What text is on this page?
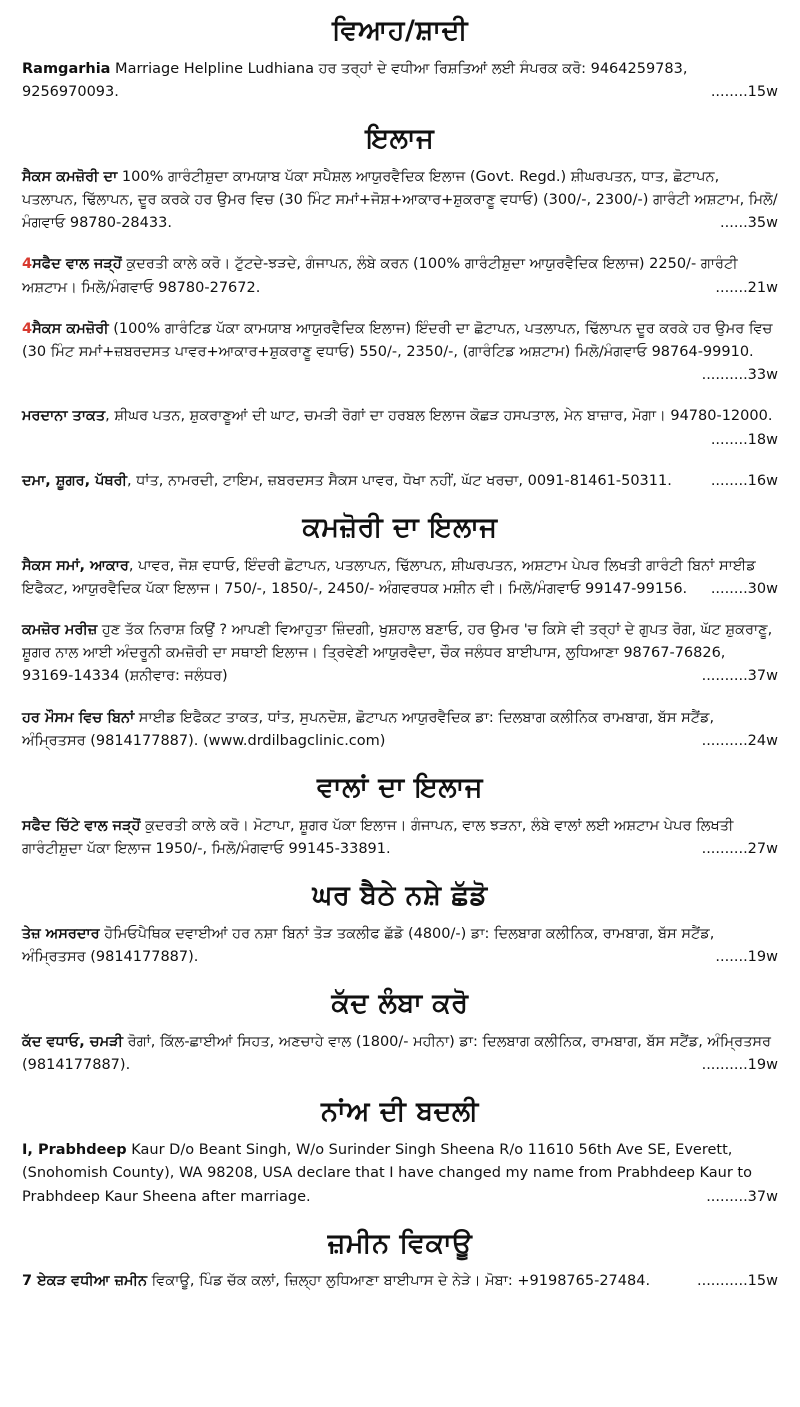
ਵਿਆਹ/ਸ਼ਾਦੀ

Ramgarhia Marriage Helpline Ludhiana ਹਰ ਤਰ੍ਹਾਂ ਦੇ ਵਧੀਆ ਰਿਸ਼ਤਿਆਂ ਲਈ ਸੰਪਰਕ ਕਰੋ: 9464259783, 9256970093.	........15w

ਇਲਾਜ

ਸੈਕਸ ਕਮਜ਼ੋਰੀ ਦਾ 100% ਗਾਰੰਟੀਸ਼ੁਦਾ ਕਾਮਯਾਬ ਪੱਕਾ ਸਪੈਸ਼ਲ ਆਯੁਰਵੈਦਿਕ ਇਲਾਜ (Govt. Regd.) ਸ਼ੀਘਰਪਤਨ, ਧਾਤ, ਛੋਟਾਪਨ, ਪਤਲਾਪਨ, ਢਿੱਲਾਪਨ, ਦੂਰ ਕਰਕੇ ਹਰ ਉਮਰ ਵਿਚ (30 ਮਿੰਟ ਸਮਾਂ+ਜੋਸ਼+ਆਕਾਰ+ਸ਼ੁਕਰਾਣੂ ਵਧਾਓ) (300/-, 2300/-) ਗਾਰੰਟੀ ਅਸ਼ਟਾਮ, ਮਿਲੋ/ਮੰਗਵਾਓ 98780-28433.	......35w

4ਸਫੈਦ ਵਾਲ ਜੜ੍ਹੋਂ ਕੁਦਰਤੀ ਕਾਲੇ ਕਰੋ। ਟੁੱਟਦੇ-ਝੜਦੇ, ਗੰਜਾਪਨ, ਲੰਬੇ ਕਰਨ (100% ਗਾਰੰਟੀਸ਼ੁਦਾ ਆਯੁਰਵੈਦਿਕ ਇਲਾਜ) 2250/- ਗਾਰੰਟੀ ਅਸ਼ਟਾਮ। ਮਿਲੋ/ਮੰਗਵਾਓ 98780-27672.	.......21w

4ਸੈਕਸ ਕਮਜ਼ੋਰੀ (100% ਗਾਰੰਟਿਡ ਪੱਕਾ ਕਾਮਯਾਬ ਆਯੁਰਵੈਦਿਕ ਇਲਾਜ) ਇੰਦਰੀ ਦਾ ਛੋਟਾਪਨ, ਪਤਲਾਪਨ, ਢਿੱਲਾਪਨ ਦੂਰ ਕਰਕੇ ਹਰ ਉਮਰ ਵਿਚ (30 ਮਿੰਟ ਸਮਾਂ+ਜ਼ਬਰਦਸਤ ਪਾਵਰ+ਆਕਾਰ+ਸ਼ੁਕਰਾਣੂ ਵਧਾਓ) 550/-, 2350/-, (ਗਾਰੰਟਿਡ ਅਸ਼ਟਾਮ) ਮਿਲੋ/ਮੰਗਵਾਓ 98764-99910.
..........33w

ਮਰਦਾਨਾ ਤਾਕਤ, ਸ਼ੀਘਰ ਪਤਨ, ਸ਼ੁਕਰਾਣੂਆਂ ਦੀ ਘਾਟ, ਚਮੜੀ ਰੋਗਾਂ ਦਾ ਹਰਬਲ ਇਲਾਜ ਕੋਛੜ ਹਸਪਤਾਲ, ਮੇਨ ਬਾਜ਼ਾਰ, ਮੋਗਾ। 94780-12000.
........18w

ਦਮਾ, ਸ਼ੂਗਰ, ਪੱਥਰੀ, ਧਾਂਤ, ਨਾਮਰਦੀ, ਟਾਇਮ, ਜ਼ਬਰਦਸਤ ਸੈਕਸ ਪਾਵਰ, ਧੋਖਾ ਨਹੀਂ, ਘੱਟ ਖਰਚਾ, 0091-81461-50311.	........16w

ਕਮਜ਼ੋਰੀ ਦਾ ਇਲਾਜ

ਸੈਕਸ ਸਮਾਂ, ਆਕਾਰ, ਪਾਵਰ, ਜੋਸ਼ ਵਧਾਓ, ਇੰਦਰੀ ਛੋਟਾਪਨ, ਪਤਲਾਪਨ, ਢਿੱਲਾਪਨ, ਸ਼ੀਘਰਪਤਨ, ਅਸ਼ਟਾਮ ਪੇਪਰ ਲਿਖਤੀ ਗਾਰੰਟੀ ਬਿਨਾਂ ਸਾਈਡ ਇਫੈਕਟ, ਆਯੁਰਵੈਦਿਕ ਪੱਕਾ ਇਲਾਜ। 750/-, 1850/-, 2450/- ਅੰਗਵਰਧਕ ਮਸ਼ੀਨ ਵੀ। ਮਿਲੋ/ਮੰਗਵਾਓ 99147-99156. ........30w

ਕਮਜ਼ੋਰ ਮਰੀਜ਼ ਹੁਣ ਤੱਕ ਨਿਰਾਸ਼ ਕਿਉਂ ? ਆਪਣੀ ਵਿਆਹੁਤਾ ਜ਼ਿੰਦਗੀ, ਖੁਸ਼ਹਾਲ ਬਣਾਓ, ਹਰ ਉਮਰ 'ਚ ਕਿਸੇ ਵੀ ਤਰ੍ਹਾਂ ਦੇ ਗੁਪਤ ਰੋਗ, ਘੱਟ ਸ਼ੁਕਰਾਣੂ, ਸ਼ੂਗਰ ਨਾਲ ਆਈ ਅੰਦਰੂਨੀ ਕਮਜ਼ੋਰੀ ਦਾ ਸਥਾਈ ਇਲਾਜ। ਤ੍ਰਿਵੇਣੀ ਆਯੁਰਵੈਦਾ, ਚੌਕ ਜਲੰਧਰ ਬਾਈਪਾਸ, ਲੁਧਿਆਣਾ 98767-76826, 93169-14334 (ਸ਼ਨੀਵਾਰ: ਜਲੰਧਰ)	..........37w

ਹਰ ਮੌਸਮ ਵਿਚ ਬਿਨਾਂ ਸਾਈਡ ਇਫੈਕਟ ਤਾਕਤ, ਧਾਂਤ, ਸੁਪਨਦੋਸ਼, ਛੋਟਾਪਨ ਆਯੁਰਵੈਦਿਕ ਡਾ: ਦਿਲਬਾਗ ਕਲੀਨਿਕ ਰਾਮਬਾਗ, ਬੱਸ ਸਟੈਂਡ, ਅੰਮ੍ਰਿਤਸਰ (9814177887). (www.drdilbagclinic.com)	..........24w

ਵਾਲਾਂ ਦਾ ਇਲਾਜ

ਸਫੈਦ ਚਿੱਟੇ ਵਾਲ ਜੜ੍ਹੋਂ ਕੁਦਰਤੀ ਕਾਲੇ ਕਰੋ। ਮੋਟਾਪਾ, ਸ਼ੂਗਰ ਪੱਕਾ ਇਲਾਜ। ਗੰਜਾਪਨ, ਵਾਲ ਝੜਨਾ, ਲੰਬੇ ਵਾਲਾਂ ਲਈ ਅਸ਼ਟਾਮ ਪੇਪਰ ਲਿਖਤੀ ਗਾਰੰਟੀਸ਼ੁਦਾ ਪੱਕਾ ਇਲਾਜ 1950/-, ਮਿਲੋ/ਮੰਗਵਾਓ 99145-33891.	..........27w

ਘਰ ਬੈਠੇ ਨਸ਼ੇ ਛੱਡੋ

ਤੇਜ਼ ਅਸਰਦਾਰ ਹੋਮਿਓਪੈਥਿਕ ਦਵਾਈਆਂ ਹਰ ਨਸ਼ਾ ਬਿਨਾਂ ਤੋੜ ਤਕਲੀਫ ਛੱਡੋ (4800/-) ਡਾ: ਦਿਲਬਾਗ ਕਲੀਨਿਕ, ਰਾਮਬਾਗ, ਬੱਸ ਸਟੈਂਡ, ਅੰਮ੍ਰਿਤਸਰ (9814177887).	.......19w

ਕੱਦ ਲੰਬਾ ਕਰੋ

ਕੱਦ ਵਧਾਓ, ਚਮੜੀ ਰੋਗਾਂ, ਕਿੱਲ-ਛਾਈਆਂ ਸਿਹਤ, ਅਣਚਾਹੇ ਵਾਲ (1800/- ਮਹੀਨਾ) ਡਾ: ਦਿਲਬਾਗ ਕਲੀਨਿਕ, ਰਾਮਬਾਗ, ਬੱਸ ਸਟੈਂਡ, ਅੰਮ੍ਰਿਤਸਰ (9814177887).	..........19w

ਨਾਂਅ ਦੀ ਬਦਲੀ

I, Prabhdeep Kaur D/o Beant Singh, W/o Surinder Singh Sheena R/o 11610 56th Ave SE, Everett, (Snohomish County), WA 98208, USA declare that I have changed my name from Prabhdeep Kaur to Prabhdeep Kaur Sheena after marriage.	.........37w

ਜ਼ਮੀਨ ਵਿਕਾਊ

7 ਏਕੜ ਵਧੀਆ ਜ਼ਮੀਨ ਵਿਕਾਊ, ਪਿੰਡ ਚੱਕ ਕਲਾਂ, ਜ਼ਿਲ੍ਹਾ ਲੁਧਿਆਣਾ ਬਾਈਪਾਸ ਦੇ ਨੇੜੇ। ਮੋਬਾ: +9198765-27484.	...........15w
